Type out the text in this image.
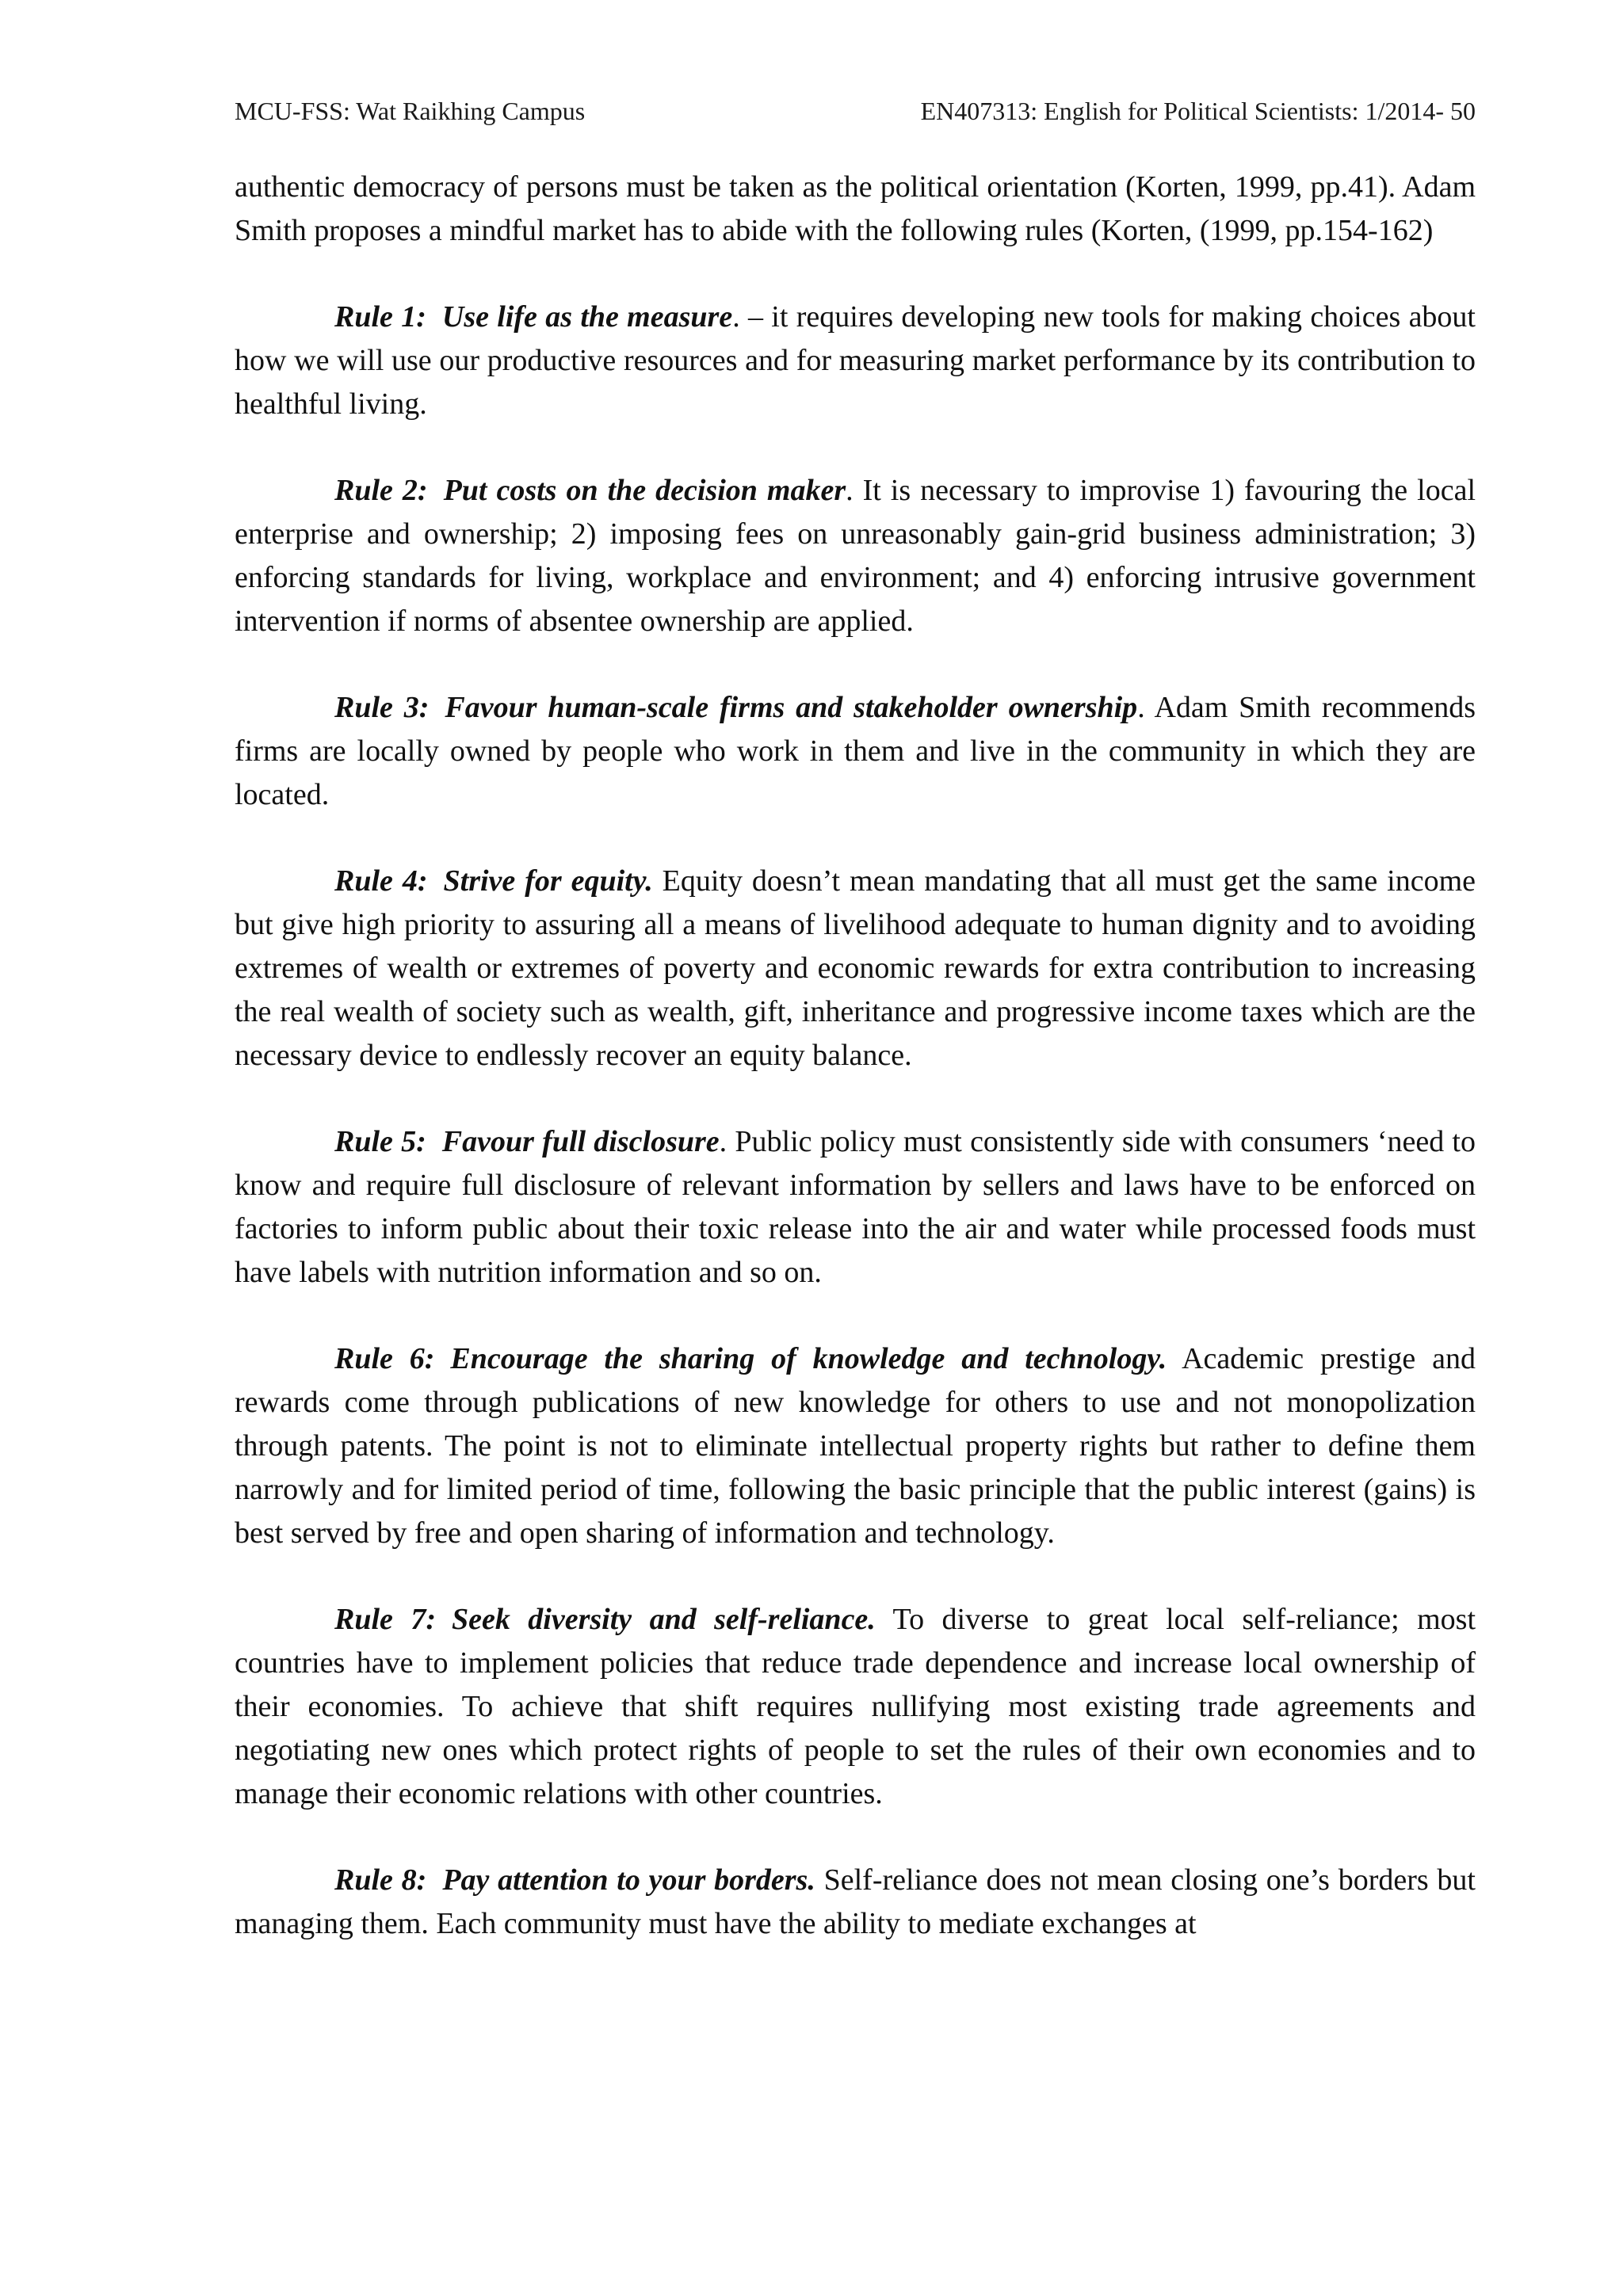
MCU-FSS: Wat Raikhing Campus	EN407313: English for Political Scientists: 1/2014- 50

authentic democracy of persons must be taken as the political orientation (Korten, 1999, pp.41). Adam Smith proposes a mindful market has to abide with the following rules (Korten, (1999, pp.154-162)

Rule 1: Use life as the measure. – it requires developing new tools for making choices about how we will use our productive resources and for measuring market performance by its contribution to healthful living.

Rule 2: Put costs on the decision maker. It is necessary to improvise 1) favouring the local enterprise and ownership; 2) imposing fees on unreasonably gain-grid business administration; 3) enforcing standards for living, workplace and environment; and 4) enforcing intrusive government intervention if norms of absentee ownership are applied.

Rule 3: Favour human-scale firms and stakeholder ownership. Adam Smith recommends firms are locally owned by people who work in them and live in the community in which they are located.

Rule 4: Strive for equity. Equity doesn’t mean mandating that all must get the same income but give high priority to assuring all a means of livelihood adequate to human dignity and to avoiding extremes of wealth or extremes of poverty and economic rewards for extra contribution to increasing the real wealth of society such as wealth, gift, inheritance and progressive income taxes which are the necessary device to endlessly recover an equity balance.

Rule 5: Favour full disclosure. Public policy must consistently side with consumers ‘need to know and require full disclosure of relevant information by sellers and laws have to be enforced on factories to inform public about their toxic release into the air and water while processed foods must have labels with nutrition information and so on.

Rule 6: Encourage the sharing of knowledge and technology. Academic prestige and rewards come through publications of new knowledge for others to use and not monopolization through patents. The point is not to eliminate intellectual property rights but rather to define them narrowly and for limited period of time, following the basic principle that the public interest (gains) is best served by free and open sharing of information and technology.

Rule 7: Seek diversity and self-reliance. To diverse to great local self-reliance; most countries have to implement policies that reduce trade dependence and increase local ownership of their economies. To achieve that shift requires nullifying most existing trade agreements and negotiating new ones which protect rights of people to set the rules of their own economies and to manage their economic relations with other countries.

Rule 8: Pay attention to your borders. Self-reliance does not mean closing one’s borders but managing them. Each community must have the ability to mediate exchanges at
